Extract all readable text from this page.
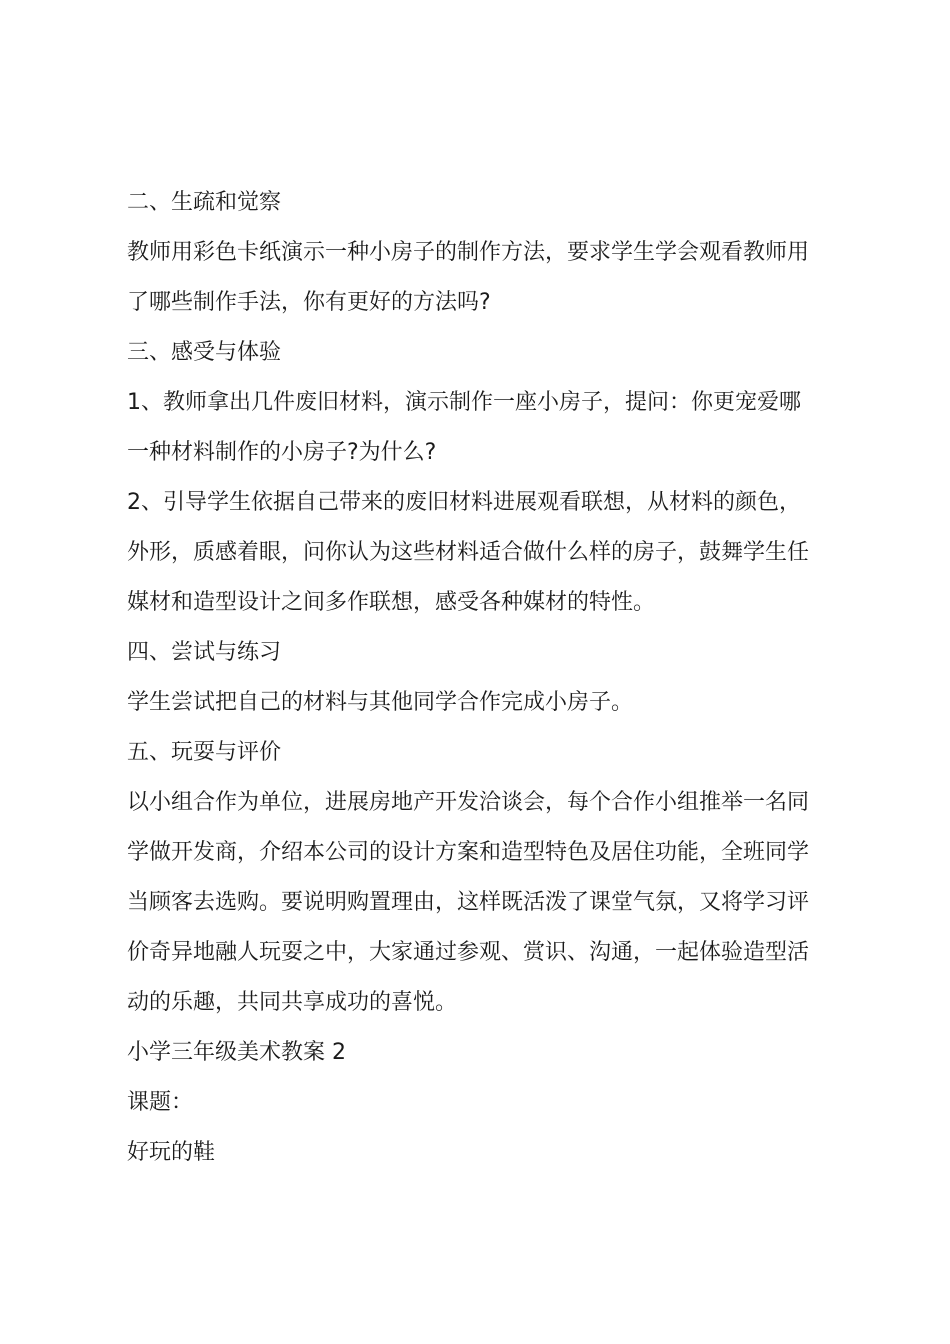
二、生疏和觉察
教师用彩色卡纸演示一种小房子的制作方法，要求学生学会观看教师用
了哪些制作手法，你有更好的方法吗?
三、感受与体验
1、教师拿出几件废旧材料，演示制作一座小房子，提问：你更宠爱哪
一种材料制作的小房子?为什么?
2、引导学生依据自己带来的废旧材料进展观看联想，从材料的颜色，
外形，质感着眼，问你认为这些材料适合做什么样的房子，鼓舞学生任
媒材和造型设计之间多作联想，感受各种媒材的特性。
四、尝试与练习
学生尝试把自己的材料与其他同学合作完成小房子。
五、玩耍与评价
以小组合作为单位，进展房地产开发洽谈会，每个合作小组推举一名同
学做开发商，介绍本公司的设计方案和造型特色及居住功能，全班同学
当顾客去选购。要说明购置理由，这样既活泼了课堂气氛，又将学习评
价奇异地融人玩耍之中，大家通过参观、赏识、沟通，一起体验造型活
动的乐趣，共同共享成功的喜悦。
小学三年级美术教案 2
课题：
好玩的鞋
